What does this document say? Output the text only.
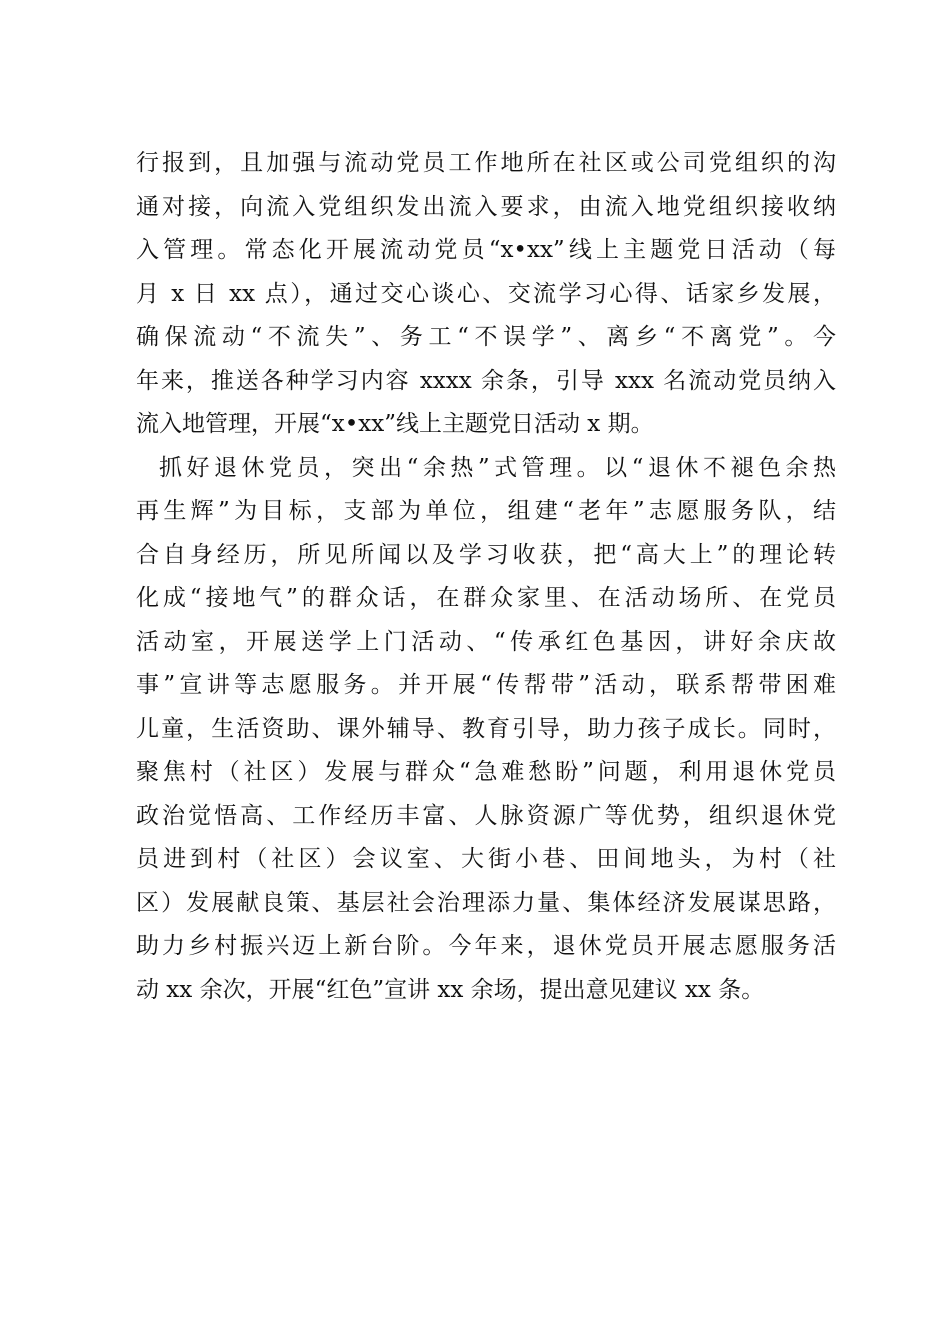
行报到，且加强与流动党员工作地所在社区或公司党组织的沟
通对接，向流入党组织发出流入要求，由流入地党组织接收纳
入管理。常态化开展流动党员“x•xx”线上主题党日活动（每
月 x 日 xx 点），通过交心谈心、交流学习心得、话家乡发展，
确保流动“不流失”、务工“不误学”、离乡“不离党”。今
年来，推送各种学习内容 xxxx 余条，引导 xxx 名流动党员纳入
流入地管理，开展“x•xx”线上主题党日活动 x 期。
抓好退休党员，突出“余热”式管理。以“退休不褪色余热
再生辉”为目标，支部为单位，组建“老年”志愿服务队，结
合自身经历，所见所闻以及学习收获，把“高大上”的理论转
化成“接地气”的群众话，在群众家里、在活动场所、在党员
活动室，开展送学上门活动、“传承红色基因，讲好余庆故
事”宣讲等志愿服务。并开展“传帮带”活动，联系帮带困难
儿童，生活资助、课外辅导、教育引导，助力孩子成长。同时，
聚焦村（社区）发展与群众“急难愁盼”问题，利用退休党员
政治觉悟高、工作经历丰富、人脉资源广等优势，组织退休党
员进到村（社区）会议室、大街小巷、田间地头，为村（社
区）发展献良策、基层社会治理添力量、集体经济发展谋思路，
助力乡村振兴迈上新台阶。今年来，退休党员开展志愿服务活
动 xx 余次，开展“红色”宣讲 xx 余场，提出意见建议 xx 条。
